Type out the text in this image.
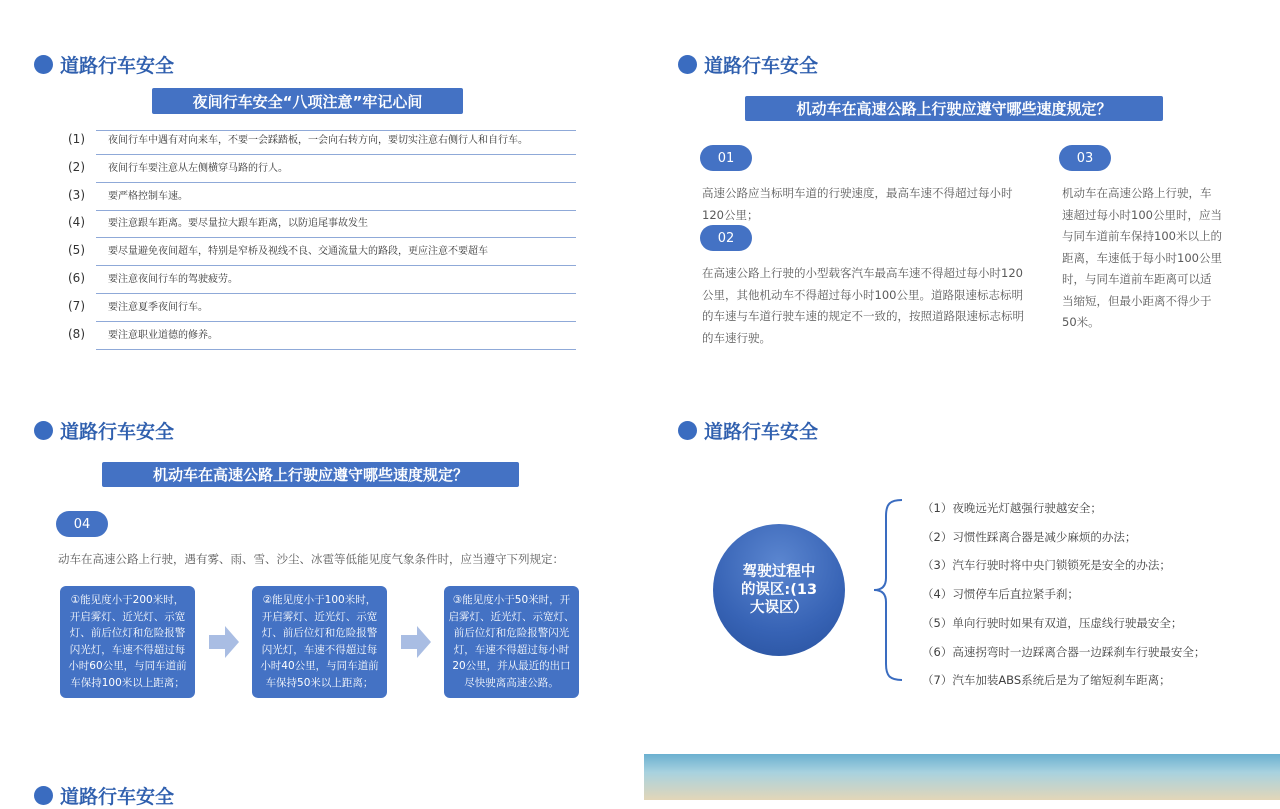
道路行车安全
夜间行车安全“八项注意”牢记心间
(1) 夜间行车中遇有对向来车，不要一会踩踏板，一会向右转方向，要切实注意右侧行人和自行车。
(2) 夜间行车要注意从左侧横穿马路的行人。
(3) 要严格控制车速。
(4) 要注意跟车距离。要尽量拉大跟车距离，以防追尾事故发生
(5) 要尽量避免夜间超车，特别是窄桥及视线不良、交通流量大的路段，更应注意不要超车
(6) 要注意夜间行车的驾驶疲劳。
(7) 要注意夏季夜间行车。
(8) 要注意职业道德的修养。
道路行车安全
机动车在高速公路上行驶应遵守哪些速度规定？
01
高速公路应当标明车道的行驶速度，最高车速不得超过每小时
120公里；
02
在高速公路上行驶的小型载客汽车最高车速不得超过每小时120
公里，其他机动车不得超过每小时100公里。道路限速标志标明
的车速与车道行驶车速的规定不一致的，按照道路限速标志标明
的车速行驶。
03
机动车在高速公路上行驶，车
速超过每小时100公里时，应当
与同车道前车保持100米以上的
距离，车速低于每小时100公里
时，与同车道前车距离可以适
当缩短，但最小距离不得少于
50米。
道路行车安全
机动车在高速公路上行驶应遵守哪些速度规定？
04
动车在高速公路上行驶，遇有雾、雨、雪、沙尘、冰雹等低能见度气象条件时，应当遵守下列规定：
①能见度小于200米时，
开启雾灯、近光灯、示宽
灯、前后位灯和危险报警
闪光灯，车速不得超过每
小时60公里，与同车道前
车保持100米以上距离；
②能见度小于100米时，
开启雾灯、近光灯、示宽
灯、前后位灯和危险报警
闪光灯，车速不得超过每
小时40公里，与同车道前
车保持50米以上距离；
③能见度小于50米时，开
启雾灯、近光灯、示宽灯、
前后位灯和危险报警闪光
灯，车速不得超过每小时
20公里，并从最近的出口
尽快驶离高速公路。
道路行车安全
驾驶过程中
的误区:(13
大误区）
（1）夜晚远光灯越强行驶越安全；
（2）习惯性踩离合器是减少麻烦的办法；
（3）汽车行驶时将中央门锁锁死是安全的办法；
（4）习惯停车后直拉紧手刹；
（5）单向行驶时如果有双道，压虚线行驶最安全；
（6）高速拐弯时一边踩离合器一边踩刹车行驶最安全；
（7）汽车加装ABS系统后是为了缩短刹车距离；
道路行车安全
